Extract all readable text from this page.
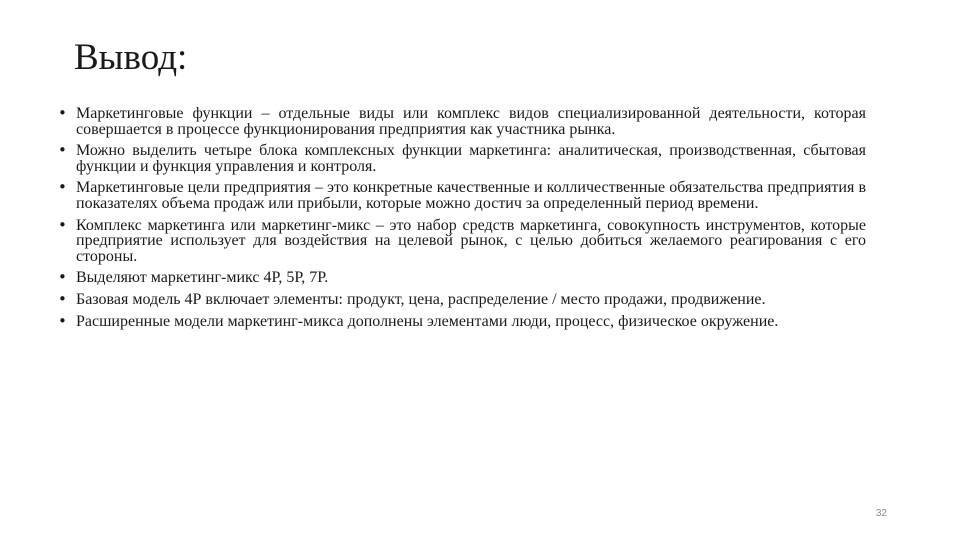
Вывод:
• Маркетинговые функции – отдельные виды или комплекс видов специализированной деятельности, которая совершается в процессе функционирования предприятия как участника рынка.
• Можно выделить четыре блока комплексных функции маркетинга: аналитическая, производственная, сбытовая функции и функция управления и контроля.
• Маркетинговые цели предприятия – это конкретные качественные и колличественные обязательства предприятия в показателях объема продаж или прибыли, которые можно достич за определенный период времени.
• Комплекс маркетинга или маркетинг-микс – это набор средств маркетинга, совокупность инструментов, которые предприятие использует для воздействия на целевой рынок, с целью добиться желаемого реагирования с его стороны.
• Выделяют маркетинг-микс 4Р, 5Р, 7Р.
• Базовая модель 4Р включает элементы: продукт, цена, распределение / место продажи, продвижение.
• Расширенные модели маркетинг-микса дополнены элементами люди, процесс, физическое окружение.
32
